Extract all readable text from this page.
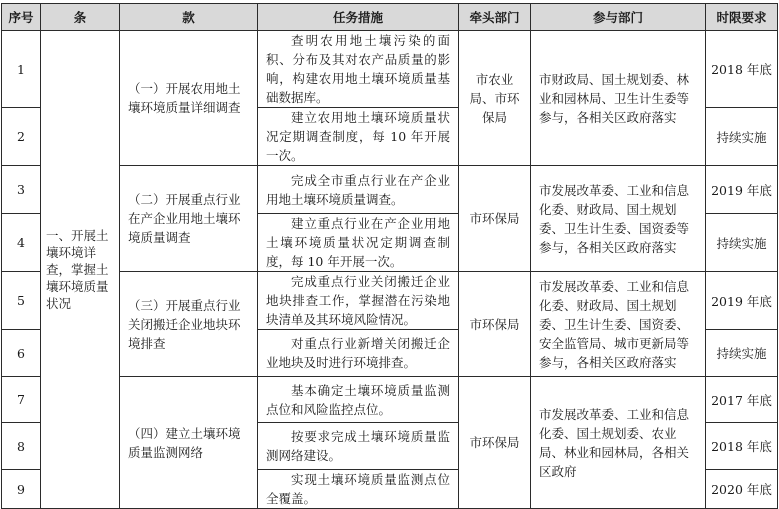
序号	条	款	任务措施	牵头部门	参与部门	时限要求
1	一、开展土壤环境详查，掌握土壤环境质量状况	（一）开展农用地土壤环境质量详细调查	查明农用地土壤污染的面积、分布及其对农产品质量的影响，构建农用地土壤环境质量基础数据库。	市农业局、市环保局	市财政局、国土规划委、林业和园林局、卫生计生委等参与，各相关区政府落实	2018 年底
2			建立农用地土壤环境质量状况定期调查制度，每 10 年开展一次。			持续实施
3		（二）开展重点行业在产企业用地土壤环境质量调查	完成全市重点行业在产企业用地土壤环境质量调查。	市环保局	市发展改革委、工业和信息化委、财政局、国土规划委、卫生计生委、国资委等参与，各相关区政府落实	2019 年底
4			建立重点行业在产企业用地土壤环境质量状况定期调查制度，每 10 年开展一次。			持续实施
5		（三）开展重点行业关闭搬迁企业地块环境排查	完成重点行业关闭搬迁企业地块排查工作，掌握潜在污染地块清单及其环境风险情况。	市环保局	市发展改革委、工业和信息化委、财政局、国土规划委、卫生计生委、国资委、安全监管局、城市更新局等参与，各相关区政府落实	2019 年底
6			对重点行业新增关闭搬迁企业地块及时进行环境排查。			持续实施
7		（四）建立土壤环境质量监测网络	基本确定土壤环境质量监测点位和风险监控点位。	市环保局	市发展改革委、工业和信息化委、国土规划委、农业局、林业和园林局，各相关区政府	2017 年底
8			按要求完成土壤环境质量监测网络建设。			2018 年底
9			实现土壤环境质量监测点位全覆盖。			2020 年底
